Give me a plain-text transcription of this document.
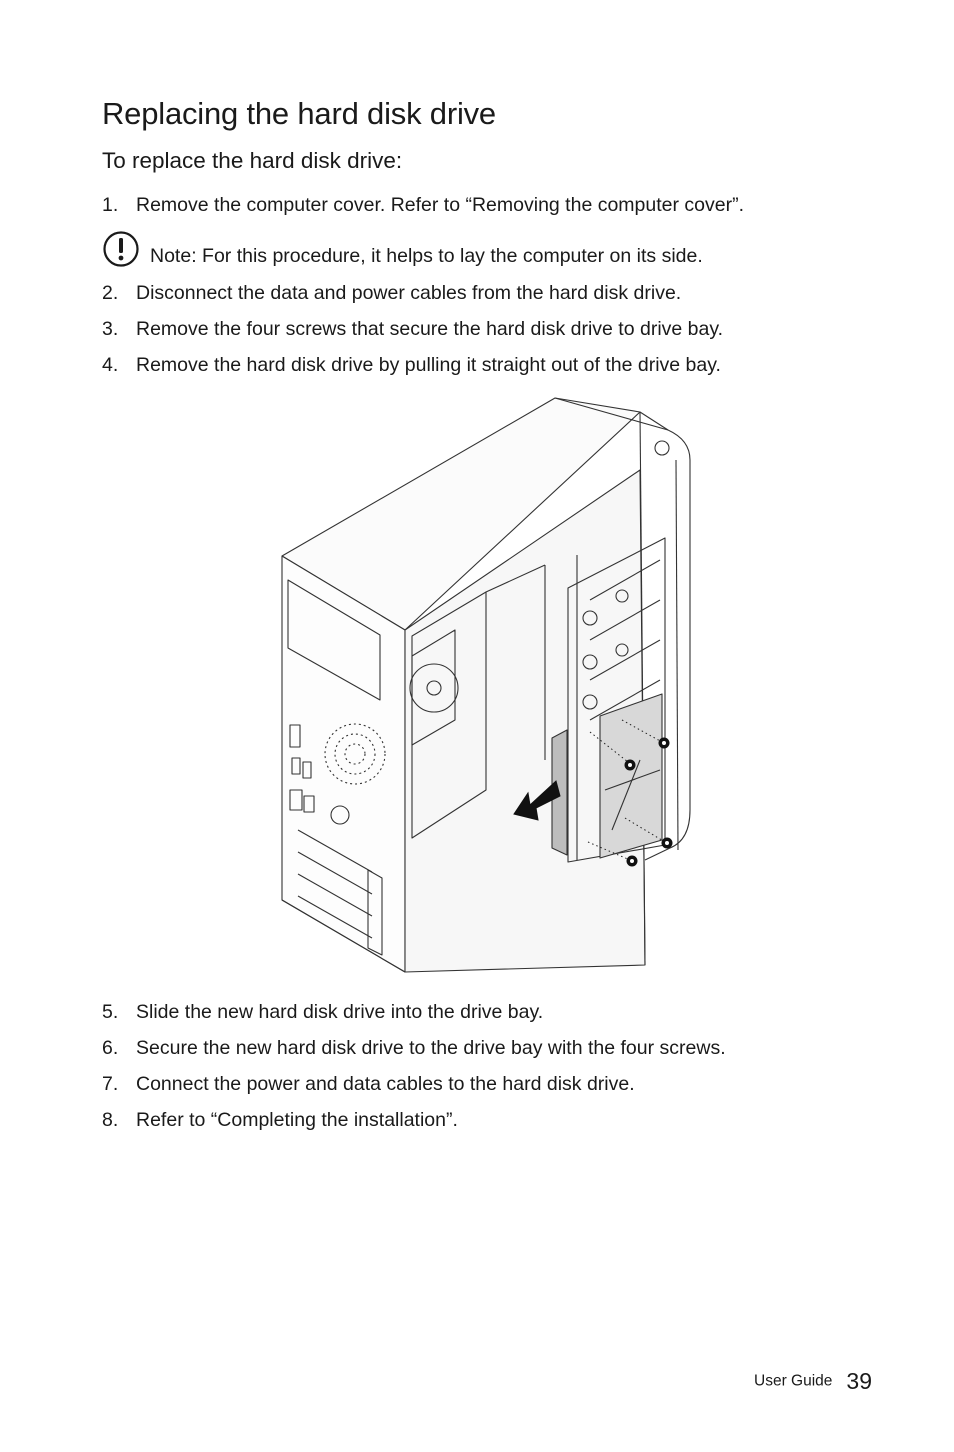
Replacing the hard disk drive
To replace the hard disk drive:
1. Remove the computer cover. Refer to “Removing the computer cover”.
Note: For this procedure, it helps to lay the computer on its side.
2. Disconnect the data and power cables from the hard disk drive.
3. Remove the four screws that secure the hard disk drive to drive bay.
4. Remove the hard disk drive by pulling it straight out of the drive bay.
5. Slide the new hard disk drive into the drive bay.
6. Secure the new hard disk drive to the drive bay with the four screws.
7. Connect the power and data cables to the hard disk drive.
8. Refer to “Completing the installation”.
User Guide 39
